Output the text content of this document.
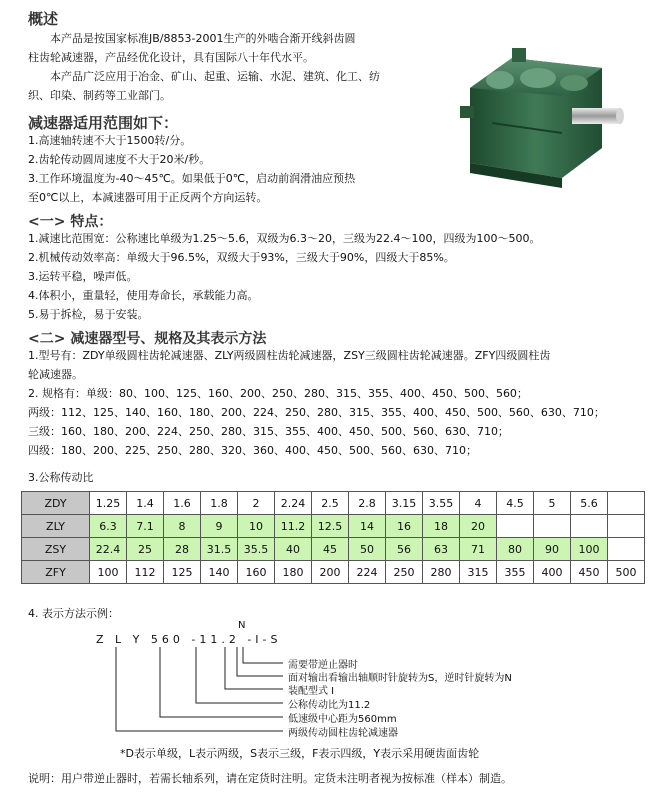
概述
本产品是按国家标准JB/8853-2001生产的外啮合渐开线斜齿圆
柱齿轮减速器，产品经优化设计，具有国际八十年代水平。
本产品广泛应用于冶金、矿山、起重、运输、水泥、建筑、化工、纺
织、印染、制药等工业部门。
减速器适用范围如下：
1.高速轴转速不大于1500转/分。
2.齿轮传动圆周速度不大于20米/秒。
3.工作环境温度为-40～45℃。如果低于0℃，启动前润滑油应预热
至0℃以上，本减速器可用于正反两个方向运转。
<一> 特点：
1.减速比范围宽：公称速比单级为1.25～5.6，双级为6.3～20，三级为22.4～100，四级为100～500。
2.机械传动效率高：单级大于96.5%，双级大于93%，三级大于90%，四级大于85%。
3.运转平稳，噪声低。
4.体积小，重量轻，使用寿命长，承载能力高。
5.易于拆检，易于安装。
<二> 减速器型号、规格及其表示方法
1.型号有：ZDY单级圆柱齿轮减速器、ZLY两级圆柱齿轮减速器，ZSY三级圆柱齿轮减速器。ZFY四级圆柱齿
轮减速器。
2. 规格有：单级：80、100、125、160、200、250、280、315、355、400、450、500、560；
两级：112、125、140、160、180、200、224、250、280、315、355、400、450、500、560、630、710；
三级：160、180、200、224、250、280、315、355、400、450、500、560、630、710；
四级：180、200、225、250、280、320、360、400、450、500、560、630、710；
3.公称传动比
ZDY	1.25	1.4	1.6	1.8	2	2.24	2.5	2.8	3.15	3.55	4	4.5	5	5.6	
ZLY	6.3	7.1	8	9	10	11.2	12.5	14	16	18	20				
ZSY	22.4	25	28	31.5	35.5	40	45	50	56	63	71	80	90	100	
ZFY	100	112	125	140	160	180	200	224	250	280	315	355	400	450	500
4. 表示方法示例：
N
Z L Y 560 -11.2 -I-S
需要带逆止器时
面对输出看输出轴顺时针旋转为S，逆时针旋转为N
装配型式 I
公称传动比为11.2
低速级中心距为560mm
两级传动圆柱齿轮减速器
*D表示单级，L表示两级，S表示三级，F表示四级，Y表示采用硬齿面齿轮
说明：用户带逆止器时，若需长轴系列，请在定货时注明。定货未注明者视为按标准（样本）制造。
